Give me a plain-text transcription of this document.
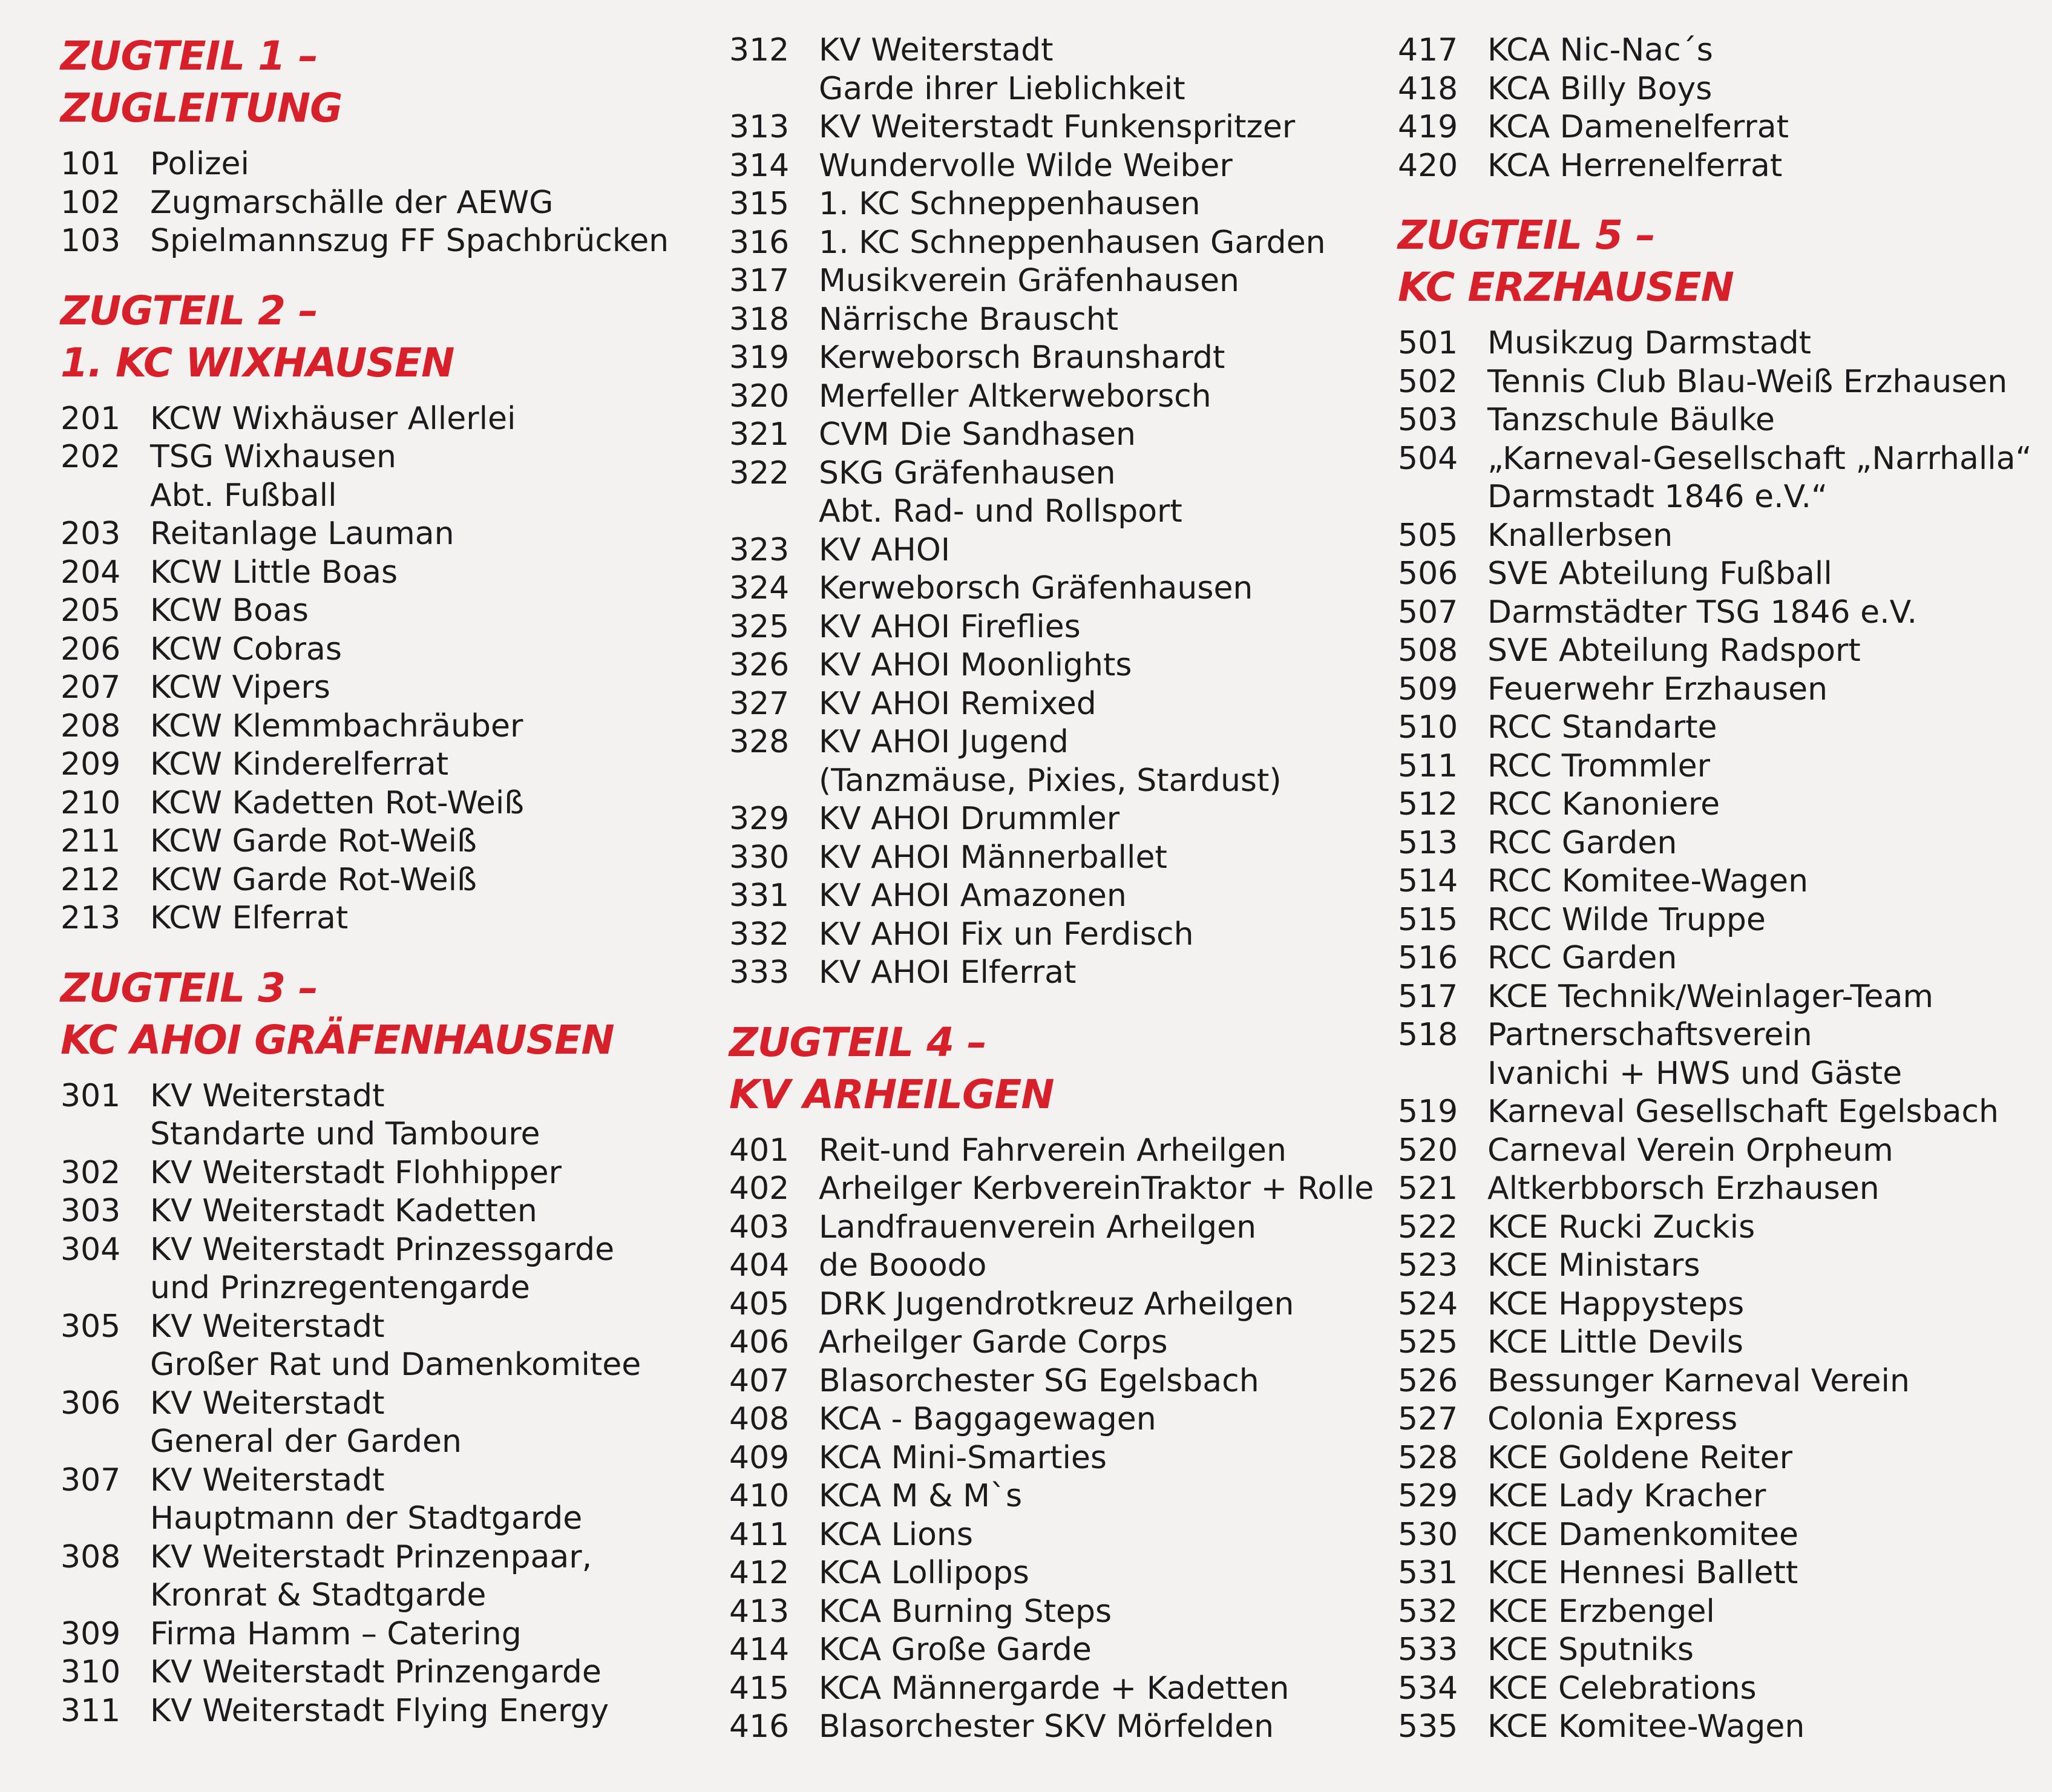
ZUGTEIL 1 –
ZUGLEITUNG
101 Polizei
102 Zugmarschälle der AEWG
103 Spielmannszug FF Spachbrücken
ZUGTEIL 2 –
1. KC WIXHAUSEN
201 KCW Wixhäuser Allerlei
202 TSG Wixhausen
Abt. Fußball
203 Reitanlage Lauman
204 KCW Little Boas
205 KCW Boas
206 KCW Cobras
207 KCW Vipers
208 KCW Klemmbachräuber
209 KCW Kinderelferrat
210 KCW Kadetten Rot-Weiß
211 KCW Garde Rot-Weiß
212 KCW Garde Rot-Weiß
213 KCW Elferrat
ZUGTEIL 3 –
KC AHOI GRÄFENHAUSEN
301 KV Weiterstadt
Standarte und Tamboure
302 KV Weiterstadt Flohhipper
303 KV Weiterstadt Kadetten
304 KV Weiterstadt Prinzessgarde
und Prinzregentengarde
305 KV Weiterstadt
Großer Rat und Damenkomitee
306 KV Weiterstadt
General der Garden
307 KV Weiterstadt
Hauptmann der Stadtgarde
308 KV Weiterstadt Prinzenpaar,
Kronrat & Stadtgarde
309 Firma Hamm – Catering
310 KV Weiterstadt Prinzengarde
311 KV Weiterstadt Flying Energy
312 KV Weiterstadt
Garde ihrer Lieblichkeit
313 KV Weiterstadt Funkenspritzer
314 Wundervolle Wilde Weiber
315 1. KC Schneppenhausen
316 1. KC Schneppenhausen Garden
317 Musikverein Gräfenhausen
318 Närrische Brauscht
319 Kerweborsch Braunshardt
320 Merfeller Altkerweborsch
321 CVM Die Sandhasen
322 SKG Gräfenhausen
Abt. Rad- und Rollsport
323 KV AHOI
324 Kerweborsch Gräfenhausen
325 KV AHOI Fireflies
326 KV AHOI Moonlights
327 KV AHOI Remixed
328 KV AHOI Jugend
(Tanzmäuse, Pixies, Stardust)
329 KV AHOI Drummler
330 KV AHOI Männerballet
331 KV AHOI Amazonen
332 KV AHOI Fix un Ferdisch
333 KV AHOI Elferrat
ZUGTEIL 4 –
KV ARHEILGEN
401 Reit-und Fahrverein Arheilgen
402 Arheilger KerbvereinTraktor + Rolle
403 Landfrauenverein Arheilgen
404 de Booodo
405 DRK Jugendrotkreuz Arheilgen
406 Arheilger Garde Corps
407 Blasorchester SG Egelsbach
408 KCA - Baggagewagen
409 KCA Mini-Smarties
410 KCA M & M`s
411 KCA Lions
412 KCA Lollipops
413 KCA Burning Steps
414 KCA Große Garde
415 KCA Männergarde + Kadetten
416 Blasorchester SKV Mörfelden
417 KCA Nic-Nac´s
418 KCA Billy Boys
419 KCA Damenelferrat
420 KCA Herrenelferrat
ZUGTEIL 5 –
KC ERZHAUSEN
501 Musikzug Darmstadt
502 Tennis Club Blau-Weiß Erzhausen
503 Tanzschule Bäulke
504 „Karneval-Gesellschaft „Narrhalla“
Darmstadt 1846 e.V.“
505 Knallerbsen
506 SVE Abteilung Fußball
507 Darmstädter TSG 1846 e.V.
508 SVE Abteilung Radsport
509 Feuerwehr Erzhausen
510 RCC Standarte
511 RCC Trommler
512 RCC Kanoniere
513 RCC Garden
514 RCC Komitee-Wagen
515 RCC Wilde Truppe
516 RCC Garden
517 KCE Technik/Weinlager-Team
518 Partnerschaftsverein
Ivanichi + HWS und Gäste
519 Karneval Gesellschaft Egelsbach
520 Carneval Verein Orpheum
521 Altkerbborsch Erzhausen
522 KCE Rucki Zuckis
523 KCE Ministars
524 KCE Happysteps
525 KCE Little Devils
526 Bessunger Karneval Verein
527 Colonia Express
528 KCE Goldene Reiter
529 KCE Lady Kracher
530 KCE Damenkomitee
531 KCE Hennesi Ballett
532 KCE Erzbengel
533 KCE Sputniks
534 KCE Celebrations
535 KCE Komitee-Wagen
